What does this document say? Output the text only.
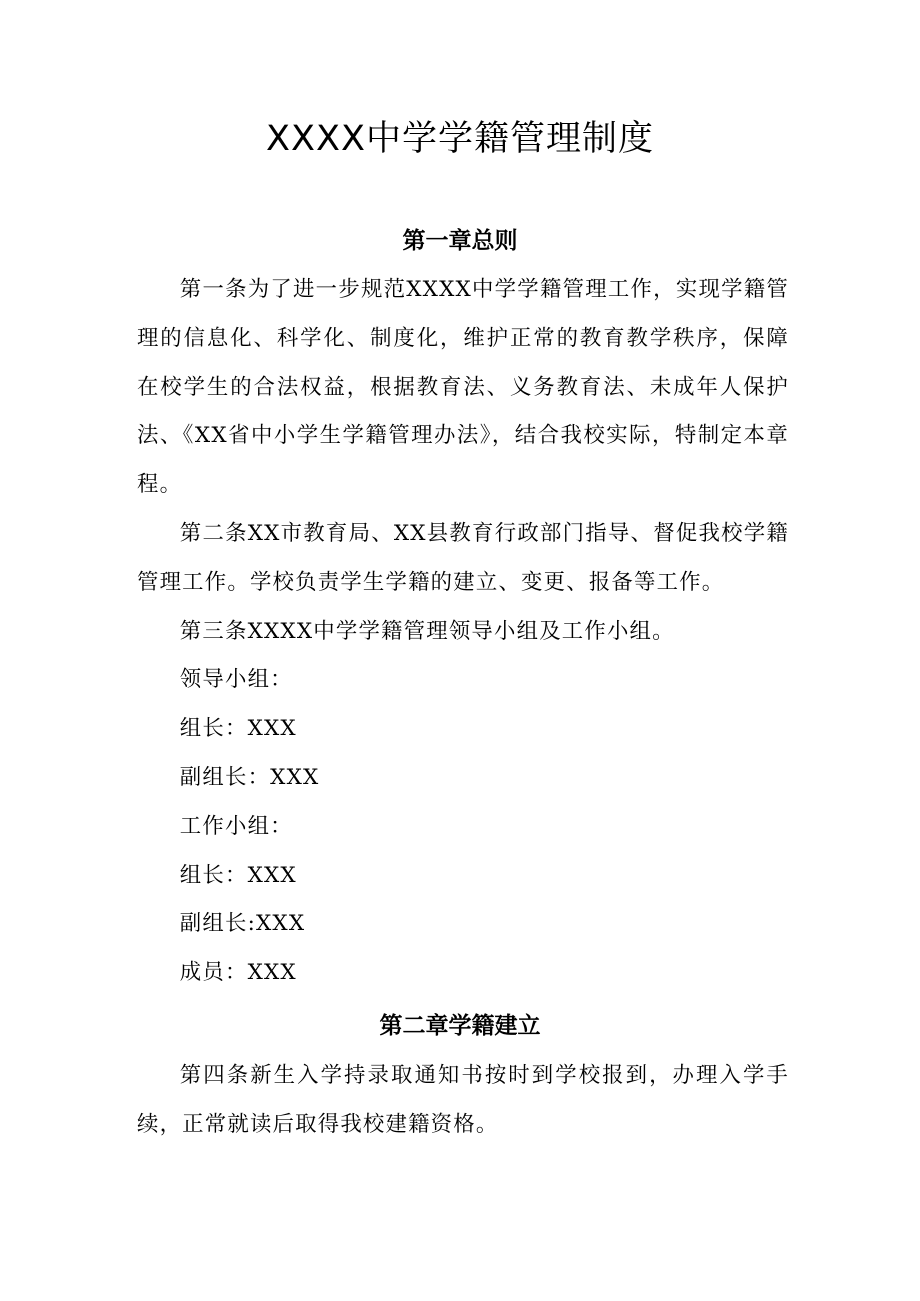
XXXX中学学籍管理制度
第一章总则

第一条为了进一步规范XXXX中学学籍管理工作，实现学籍管理的信息化、科学化、制度化，维护正常的教育教学秩序，保障在校学生的合法权益，根据教育法、义务教育法、未成年人保护法、《XX省中小学生学籍管理办法》，结合我校实际，特制定本章程。

第二条XX市教育局、XX县教育行政部门指导、督促我校学籍管理工作。学校负责学生学籍的建立、变更、报备等工作。

第三条XXXX中学学籍管理领导小组及工作小组。

领导小组：

组长：XXX

副组长：XXX

工作小组：

组长：XXX

副组长:XXX

成员：XXX

第二章学籍建立

第四条新生入学持录取通知书按时到学校报到，办理入学手续，正常就读后取得我校建籍资格。
